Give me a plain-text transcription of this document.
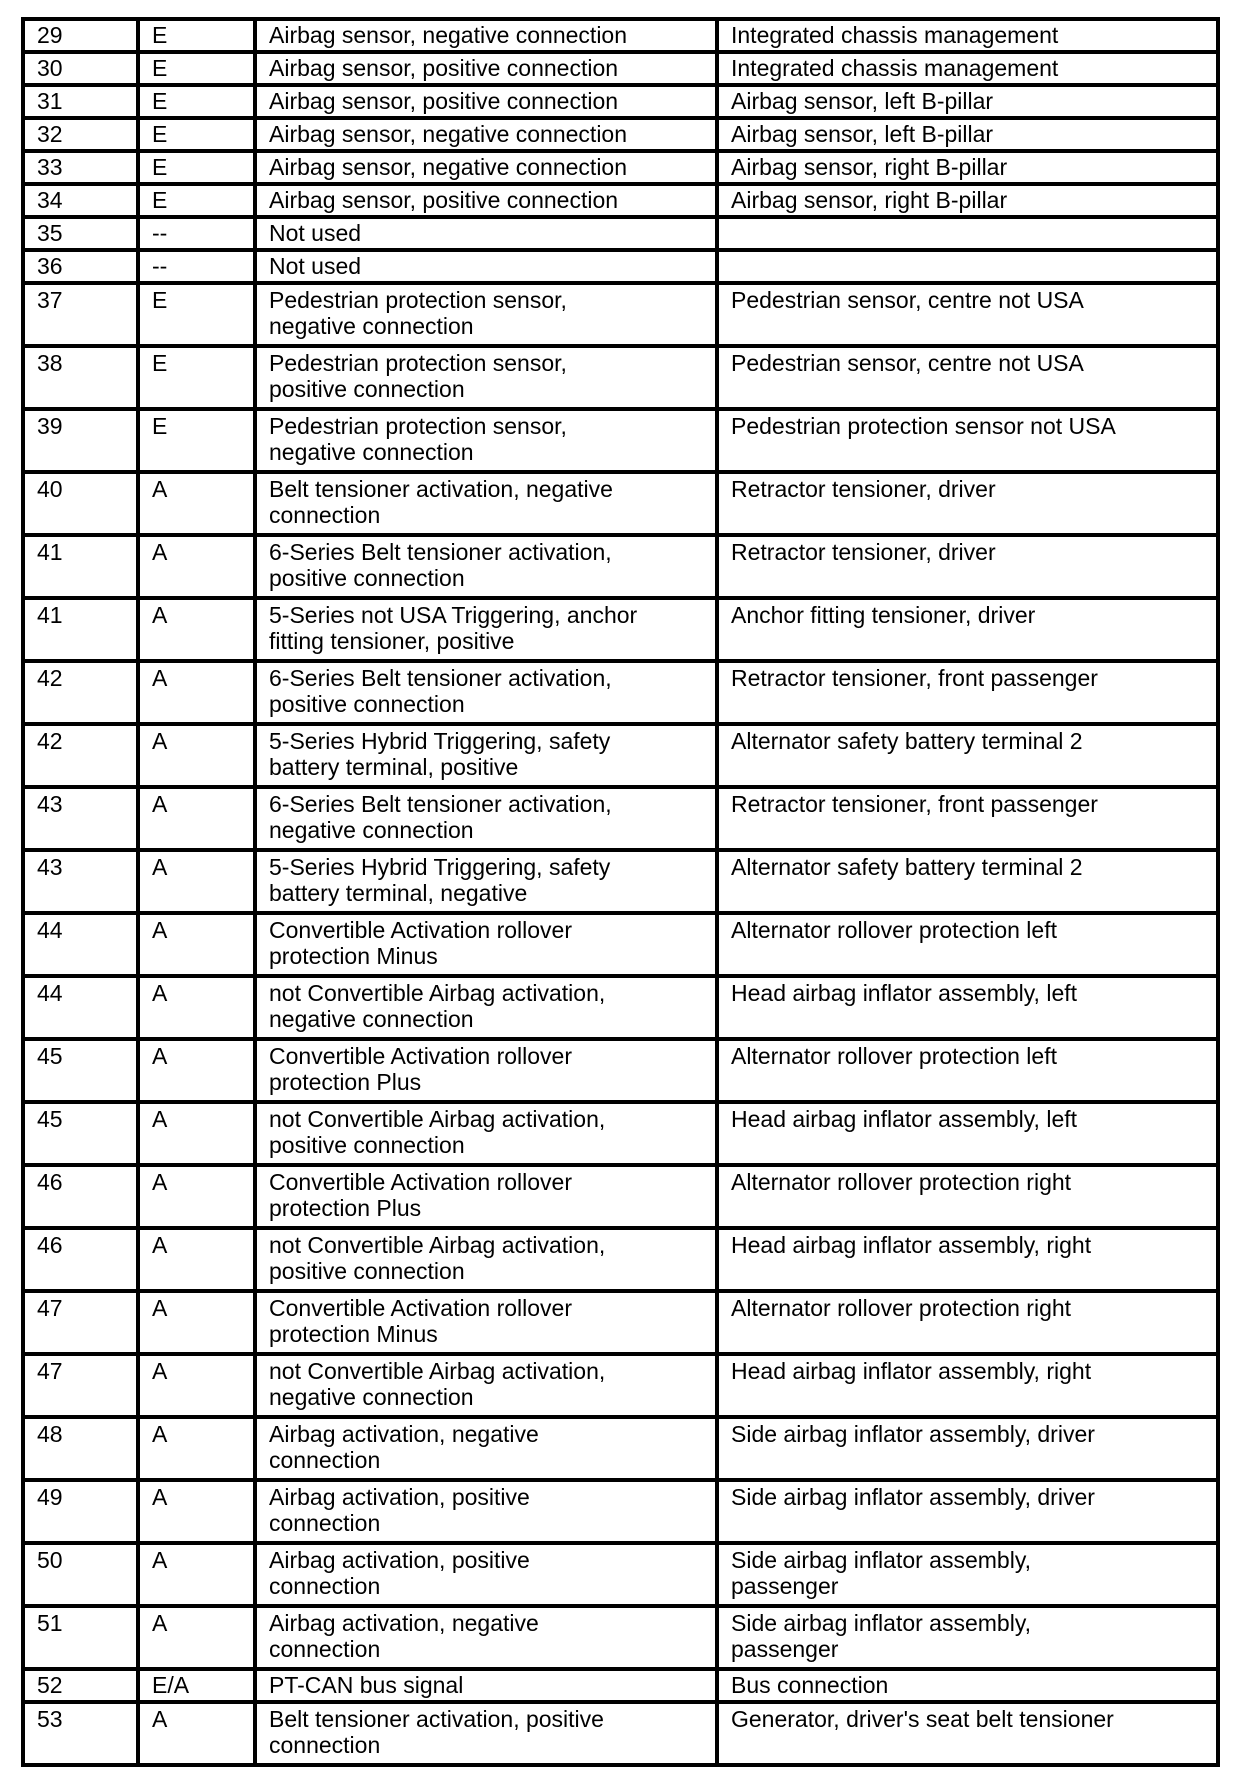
29	E	Airbag sensor, negative connection	Integrated chassis management

30	E	Airbag sensor, positive connection	Integrated chassis management

31	E	Airbag sensor, positive connection	Airbag sensor, left B-pillar

32	E	Airbag sensor, negative connection	Airbag sensor, left B-pillar

33	E	Airbag sensor, negative connection	Airbag sensor, right B-pillar

34	E	Airbag sensor, positive connection	Airbag sensor, right B-pillar

35	--	Not used	

36	--	Not used	

37	E	Pedestrian protection sensor,
negative connection	Pedestrian sensor, centre not USA

38	E	Pedestrian protection sensor,
positive connection	Pedestrian sensor, centre not USA

39	E	Pedestrian protection sensor,
negative connection	Pedestrian protection sensor not USA

40	A	Belt tensioner activation, negative
connection	Retractor tensioner, driver

41	A	6-Series Belt tensioner activation,
positive connection	Retractor tensioner, driver

41	A	5-Series not USA Triggering, anchor
fitting tensioner, positive	Anchor fitting tensioner, driver

42	A	6-Series Belt tensioner activation,
positive connection	Retractor tensioner, front passenger

42	A	5-Series Hybrid Triggering, safety
battery terminal, positive	Alternator safety battery terminal 2

43	A	6-Series Belt tensioner activation,
negative connection	Retractor tensioner, front passenger

43	A	5-Series Hybrid Triggering, safety
battery terminal, negative	Alternator safety battery terminal 2

44	A	Convertible Activation rollover
protection Minus	Alternator rollover protection left

44	A	not Convertible Airbag activation,
negative connection	Head airbag inflator assembly, left

45	A	Convertible Activation rollover
protection Plus	Alternator rollover protection left

45	A	not Convertible Airbag activation,
positive connection	Head airbag inflator assembly, left

46	A	Convertible Activation rollover
protection Plus	Alternator rollover protection right

46	A	not Convertible Airbag activation,
positive connection	Head airbag inflator assembly, right

47	A	Convertible Activation rollover
protection Minus	Alternator rollover protection right

47	A	not Convertible Airbag activation,
negative connection	Head airbag inflator assembly, right

48	A	Airbag activation, negative
connection	Side airbag inflator assembly, driver

49	A	Airbag activation, positive
connection	Side airbag inflator assembly, driver

50	A	Airbag activation, positive
connection	Side airbag inflator assembly,
passenger

51	A	Airbag activation, negative
connection	Side airbag inflator assembly,
passenger

52	E/A	PT-CAN bus signal	Bus connection

53	A	Belt tensioner activation, positive
connection	Generator, driver's seat belt tensioner
